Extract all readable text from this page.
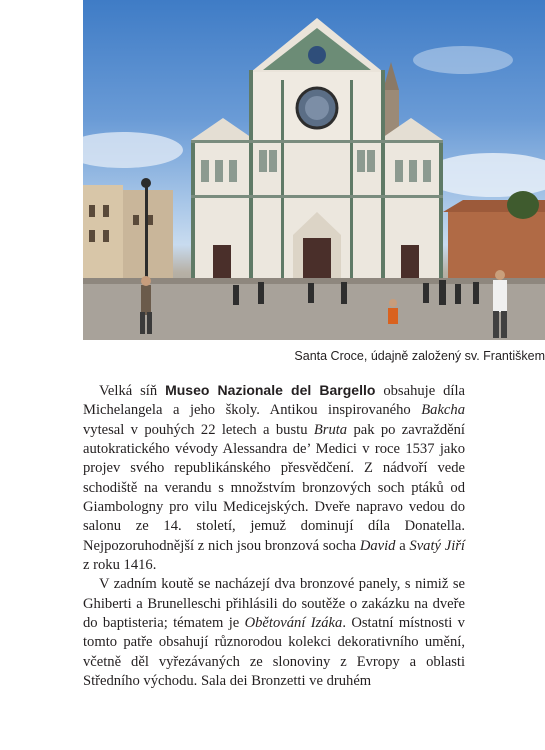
Santa Croce, údajně založený sv. Františkem

Velká síň Museo Nazionale del Bargello obsahuje díla Michelangela a jeho školy. Antikou inspirovaného Bakcha vytesal v pouhých 22 letech a bustu Bruta pak po zavraždění autokratického vévody Alessandra de’ Medici v roce 1537 jako projev svého republikánského přesvědčení. Z nádvoří vede schodiště na verandu s množstvím bronzových soch ptáků od Giambologny pro vilu Medicejských. Dveře napravo vedou do salonu ze 14. století, jemuž dominují díla Donatella. Nejpozoruhodnější z nich jsou bronzová socha David a Svatý Jiří z roku 1416.

V zadním koutě se nacházejí dva bronzové panely, s nimiž se Ghiberti a Brunelleschi přihlásili do soutěže o zakázku na dveře do baptisteria; tématem je Obětování Izáka. Ostatní místnosti v tomto patře obsahují různorodou kolekci dekorativního umění, včetně děl vyřezávaných ze slonoviny z Evropy a oblasti Středního východu. Sala dei Bronzetti ve druhém
